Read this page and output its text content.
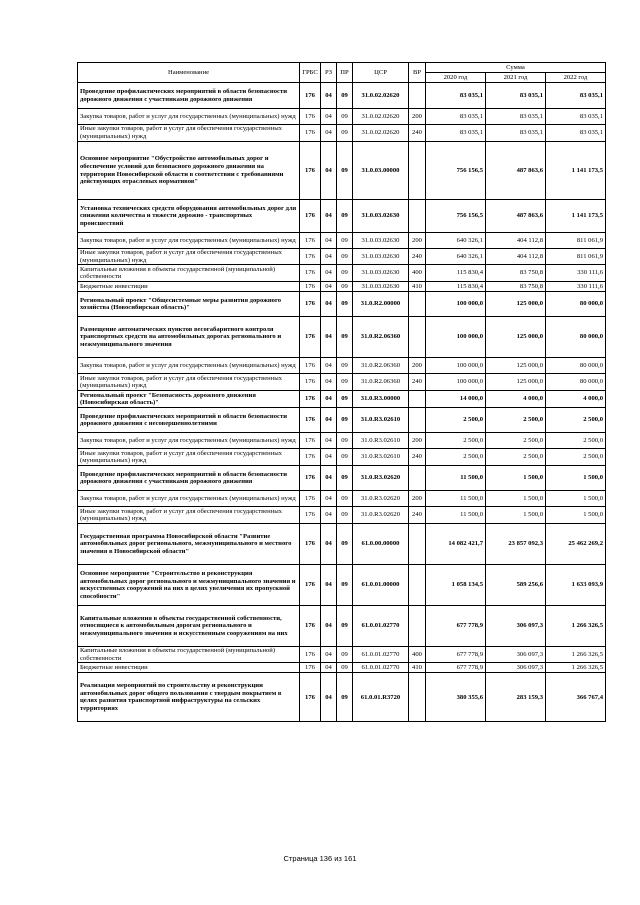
Наименование	ГРБС	РЗ	ПР	ЦСР	ВР	Сумма		
						2020 год	2021 год	2022 год
Проведение профилактических мероприятий в области безопасности дорожного движения с участниками дорожного движения	176	04	09	31.0.02.02620		83 035,1	83 035,1	83 035,1
Закупка товаров, работ и услуг для государственных (муниципальных) нужд	176	04	09	31.0.02.02620	200	83 035,1	83 035,1	83 035,1
Иные закупки товаров, работ и услуг для обеспечения государственных (муниципальных) нужд	176	04	09	31.0.02.02620	240	83 035,1	83 035,1	83 035,1
Основное мероприятие "Обустройство автомобильных дорог и обеспечение условий для безопасного дорожного движения на территории Новосибирской области в соответствии с требованиями действующих отраслевых нормативов"	176	04	09	31.0.03.00000		756 156,5	487 863,6	1 141 173,5
Установка технических средств оборудования автомобильных дорог для снижения количества и тяжести дорожно - транспортных происшествий	176	04	09	31.0.03.02630		756 156,5	487 863,6	1 141 173,5
Закупка товаров, работ и услуг для государственных (муниципальных) нужд	176	04	09	31.0.03.02630	200	640 326,1	404 112,8	811 061,9
Иные закупки товаров, работ и услуг для обеспечения государственных (муниципальных) нужд	176	04	09	31.0.03.02630	240	640 326,1	404 112,8	811 061,9
Капитальные вложения в объекты государственной (муниципальной) собственности	176	04	09	31.0.03.02630	400	115 830,4	83 750,8	330 111,6
Бюджетные инвестиции	176	04	09	31.0.03.02630	410	115 830,4	83 750,8	330 111,6
Региональный проект "Общесистемные меры развития дорожного хозяйства (Новосибирская область)"	176	04	09	31.0.R2.00000		100 000,0	125 000,0	80 000,0
Размещение автоматических пунктов весогабаритного контроля транспортных средств на автомобильных дорогах регионального и межмуниципального значения	176	04	09	31.0.R2.06360		100 000,0	125 000,0	80 000,0
Закупка товаров, работ и услуг для государственных (муниципальных) нужд	176	04	09	31.0.R2.06360	200	100 000,0	125 000,0	80 000,0
Иные закупки товаров, работ и услуг для обеспечения государственных (муниципальных) нужд	176	04	09	31.0.R2.06360	240	100 000,0	125 000,0	80 000,0
Региональный проект "Безопасность дорожного движения (Новосибирская область)"	176	04	09	31.0.R3.00000		14 000,0	4 000,0	4 000,0
Проведение профилактических мероприятий в области безопасности дорожного движения с несовершеннолетними	176	04	09	31.0.R3.02610		2 500,0	2 500,0	2 500,0
Закупка товаров, работ и услуг для государственных (муниципальных) нужд	176	04	09	31.0.R3.02610	200	2 500,0	2 500,0	2 500,0
Иные закупки товаров, работ и услуг для обеспечения государственных (муниципальных) нужд	176	04	09	31.0.R3.02610	240	2 500,0	2 500,0	2 500,0
Проведение профилактических мероприятий в области безопасности дорожного движения с участниками дорожного движения	176	04	09	31.0.R3.02620		11 500,0	1 500,0	1 500,0
Закупка товаров, работ и услуг для государственных (муниципальных) нужд	176	04	09	31.0.R3.02620	200	11 500,0	1 500,0	1 500,0
Иные закупки товаров, работ и услуг для обеспечения государственных (муниципальных) нужд	176	04	09	31.0.R3.02620	240	11 500,0	1 500,0	1 500,0
Государственная программа Новосибирской области "Развитие автомобильных дорог регионального, межмуниципального и местного значения в Новосибирской области"	176	04	09	61.0.00.00000		14 082 421,7	23 857 092,3	25 462 269,2
Основное мероприятие "Строительство и реконструкция автомобильных дорог регионального и межмуниципального значения и искусственных сооружений на них в целях увеличения их пропускной способности"	176	04	09	61.0.01.00000		1 058 134,5	589 256,6	1 633 093,9
Капитальные вложения в объекты государственной собственности, относящиеся к автомобильным дорогам регионального и межмуниципального значения и искусственным сооружениям на них	176	04	09	61.0.01.02770		677 778,9	306 097,3	1 266 326,5
Капитальные вложения в объекты государственной (муниципальной) собственности	176	04	09	61.0.01.02770	400	677 778,9	306 097,3	1 266 326,5
Бюджетные инвестиции	176	04	09	61.0.01.02770	410	677 778,9	306 097,3	1 266 326,5
Реализация мероприятий по строительству и реконструкции автомобильных дорог общего пользования с твердым покрытием в целях развития транспортной инфраструктуры на сельских территориях	176	04	09	61.0.01.R3720		380 355,6	283 159,3	366 767,4
Страница 136 из 161
